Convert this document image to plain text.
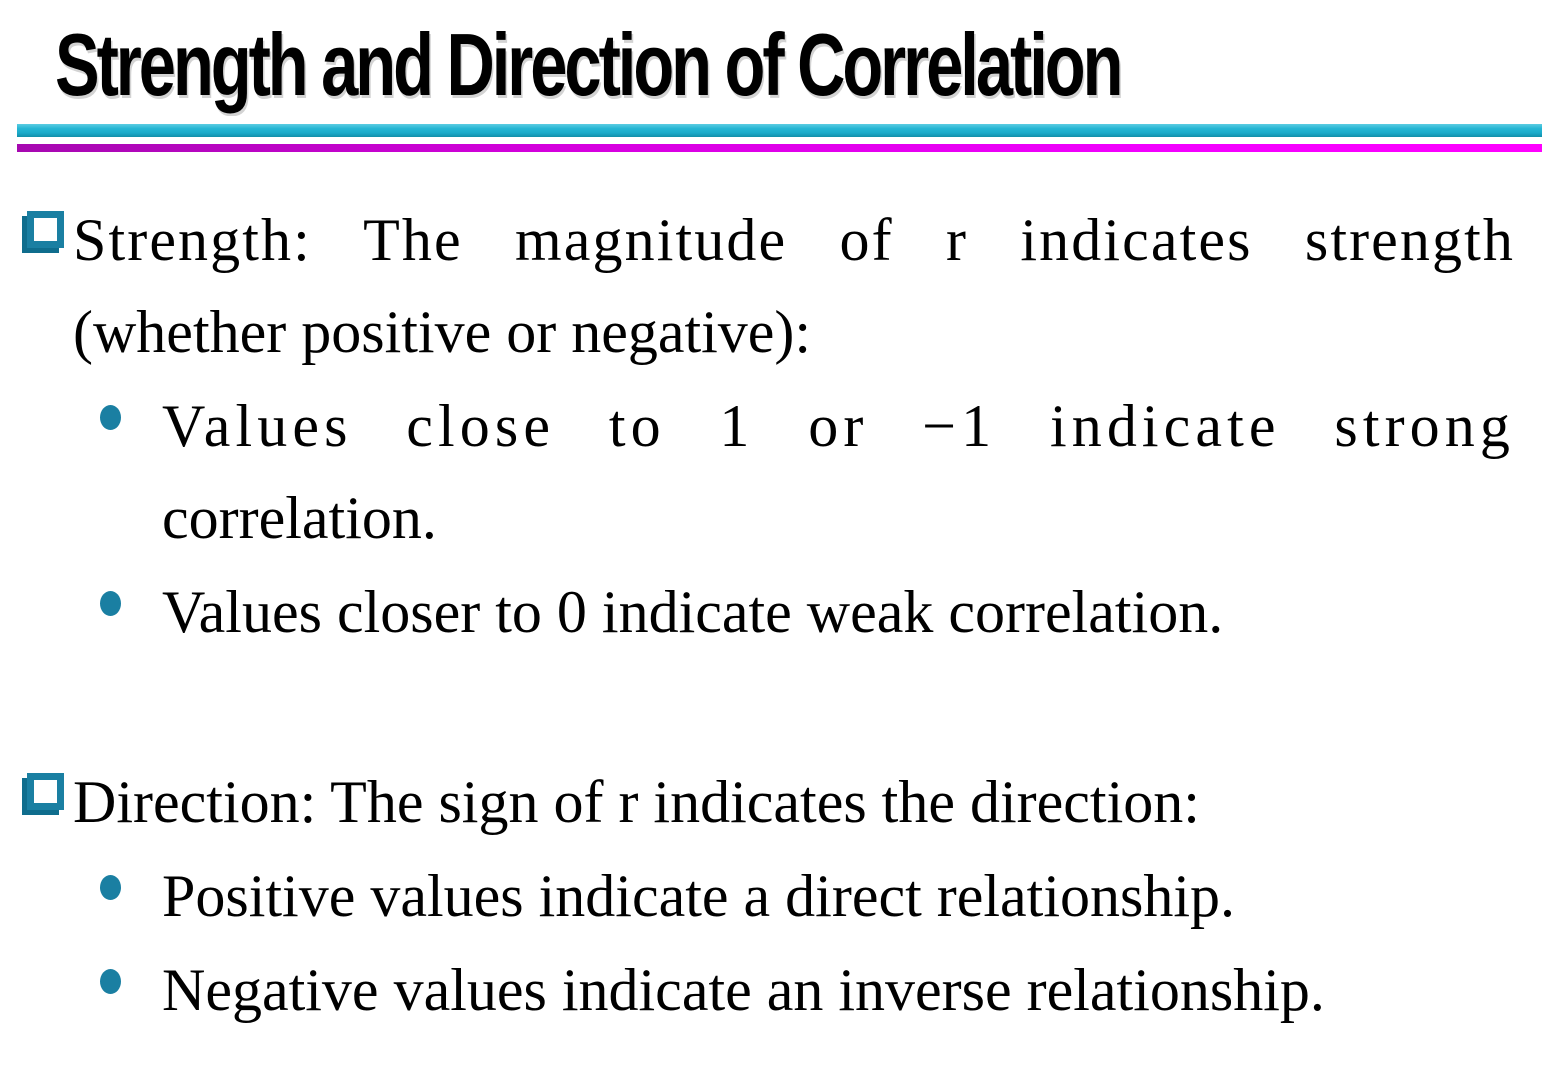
Strength and Direction of Correlation
Strength: The magnitude of r indicates strength
(whether positive or negative):
Values close to 1 or −1 indicate strong
correlation.
Values closer to 0 indicate weak correlation.
Direction: The sign of r indicates the direction:
Positive values indicate a direct relationship.
Negative values indicate an inverse relationship.
